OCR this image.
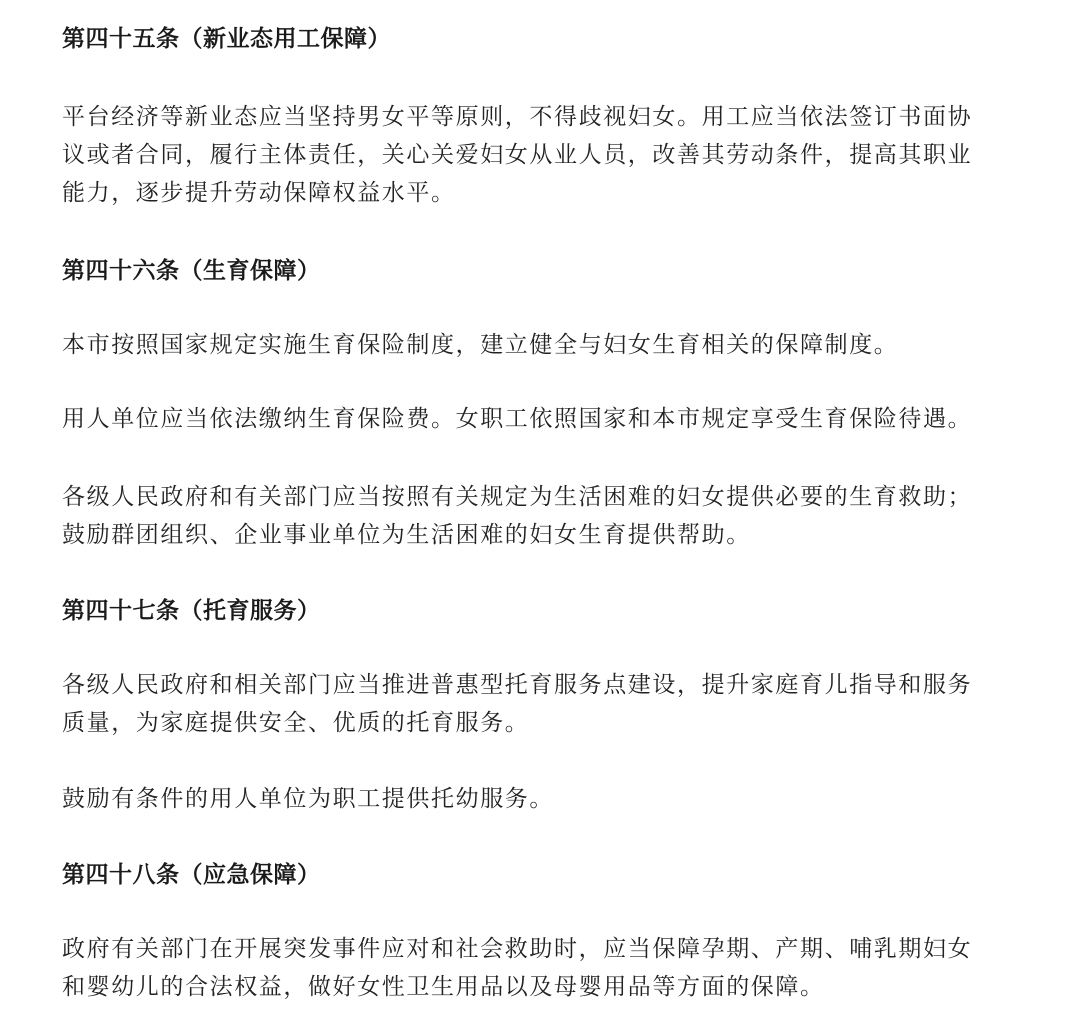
第四十五条（新业态用工保障）

平台经济等新业态应当坚持男女平等原则，不得歧视妇女。用工应当依法签订书面协
议或者合同，履行主体责任，关心关爱妇女从业人员，改善其劳动条件，提高其职业
能力，逐步提升劳动保障权益水平。

第四十六条（生育保障）

本市按照国家规定实施生育保险制度，建立健全与妇女生育相关的保障制度。

用人单位应当依法缴纳生育保险费。女职工依照国家和本市规定享受生育保险待遇。

各级人民政府和有关部门应当按照有关规定为生活困难的妇女提供必要的生育救助；
鼓励群团组织、企业事业单位为生活困难的妇女生育提供帮助。

第四十七条（托育服务）

各级人民政府和相关部门应当推进普惠型托育服务点建设，提升家庭育儿指导和服务
质量，为家庭提供安全、优质的托育服务。

鼓励有条件的用人单位为职工提供托幼服务。

第四十八条（应急保障）

政府有关部门在开展突发事件应对和社会救助时，应当保障孕期、产期、哺乳期妇女
和婴幼儿的合法权益，做好女性卫生用品以及母婴用品等方面的保障。
